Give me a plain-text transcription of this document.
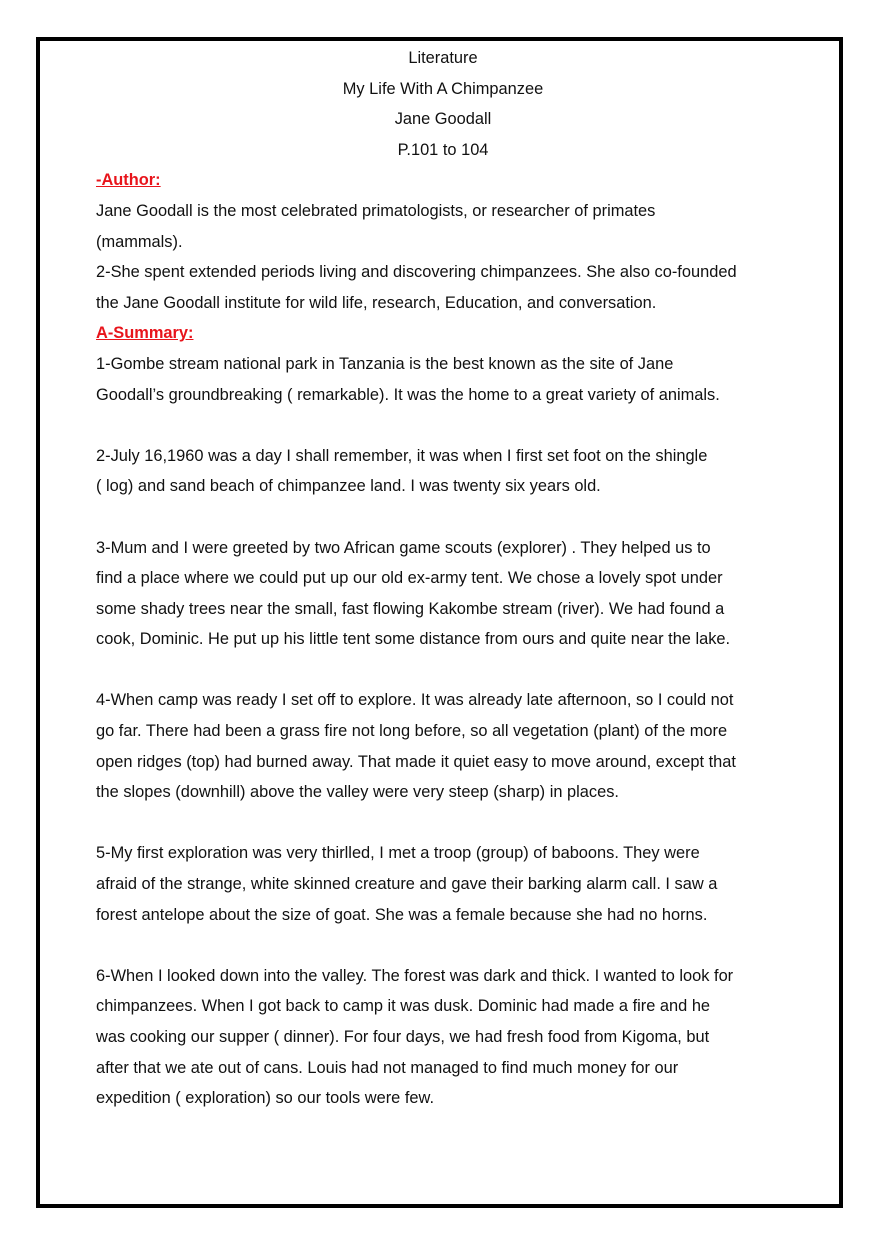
Literature
My Life With A Chimpanzee
Jane Goodall
P.101 to 104
-Author:
Jane Goodall is the most celebrated primatologists, or researcher of primates
(mammals).
2-She spent extended periods living and discovering chimpanzees. She also co-founded
the Jane Goodall institute for wild life, research, Education, and conversation.
A-Summary:
1-Gombe stream national park in Tanzania is the best known as the site of Jane
Goodall’s groundbreaking ( remarkable). It was the home to a great variety of animals.
2-July 16,1960 was a day I shall remember, it was when I first set foot on the shingle
( log) and sand beach of chimpanzee land. I was twenty six years old.
3-Mum and I were greeted by two African game scouts (explorer) . They helped us to
find a place where we could put up our old ex-army tent. We chose a lovely spot under
some shady trees near the small, fast flowing Kakombe stream (river). We had found a
cook, Dominic. He put up his little tent some distance from ours and quite near the lake.
4-When camp was ready I set off to explore. It was already late afternoon, so I could not
go far. There had been a grass fire not long before, so all vegetation (plant) of the more
open ridges (top) had burned away. That made it quiet easy to move around, except that
the slopes (downhill) above the valley were very steep (sharp) in places.
5-My first exploration was very thirlled, I met a troop (group) of baboons. They were
afraid of the strange, white skinned creature and gave their barking alarm call. I saw a
forest antelope about the size of goat. She was a female because she had no horns.
6-When I looked down into the valley. The forest was dark and thick. I wanted to look for
chimpanzees. When I got back to camp it was dusk. Dominic had made a fire and he
was cooking our supper ( dinner). For four days, we had fresh food from Kigoma, but
after that we ate out of cans. Louis had not managed to find much money for our
expedition ( exploration) so our tools were few.
